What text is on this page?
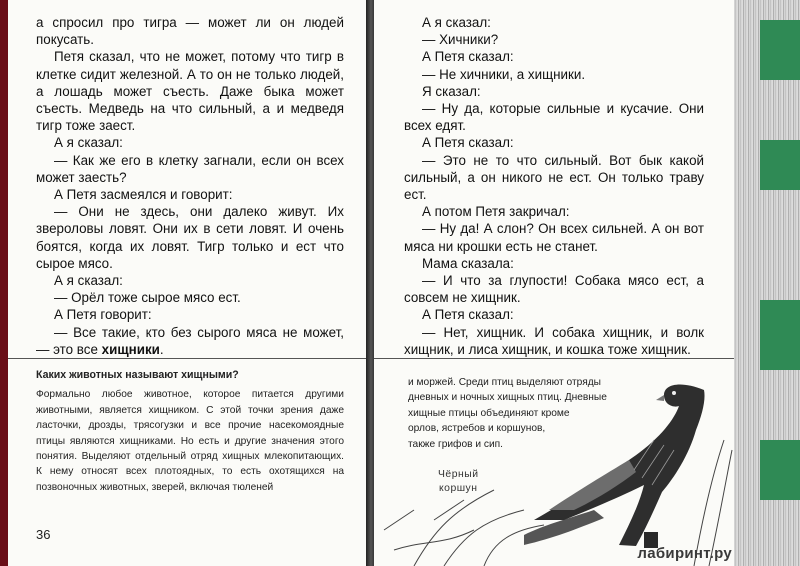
а спросил про тигра — может ли он людей покусать.

Петя сказал, что не может, потому что тигр в клетке сидит железной. А то он не только людей, а лошадь может съесть. Даже быка может съесть. Медведь на что сильный, а и медведя тигр тоже заест.

А я сказал:

— Как же его в клетку загнали, если он всех может заесть?

А Петя засмеялся и говорит:

— Они не здесь, они далеко живут. Их звероловы ловят. Они их в сети ловят. И очень боятся, когда их ловят. Тигр только и ест что сырое мясо.

А я сказал:

— Орёл тоже сырое мясо ест.

А Петя говорит:

— Все такие, кто без сырого мяса не может, — это все хищники.

Каких животных называют хищными?

Формально любое животное, которое питается другими животными, является хищником. С этой точки зрения даже ласточки, дрозды, трясогузки и все прочие насекомоядные птицы являются хищниками. Но есть и другие значения этого понятия. Выделяют отдельный отряд хищных млекопитающих. К нему относят всех плотоядных, то есть охотящихся на позвоночных животных, зверей, включая тюленей

36

А я сказал:

— Хичники?

А Петя сказал:

— Не хичники, а хищники.

Я сказал:

— Ну да, которые сильные и кусачие. Они всех едят.

А Петя сказал:

— Это не то что сильный. Вот бык какой сильный, а он никого не ест. Он только траву ест.

А потом Петя закричал:

— Ну да! А слон? Он всех сильней. А он вот мяса ни крошки есть не станет.

Мама сказала:

— И что за глупости! Собака мясо ест, а совсем не хищник.

А Петя сказал:

— Нет, хищник. И собака хищник, и волк хищник, и лиса хищник, и кошка тоже хищник.

и моржей. Среди птиц выделяют отряды

дневных и ночных хищных птиц. Дневные

хищные птицы объединяют кроме

орлов, ястребов и коршунов,

также грифов и сип.

Чёрный
коршун
лабиринт.ру
